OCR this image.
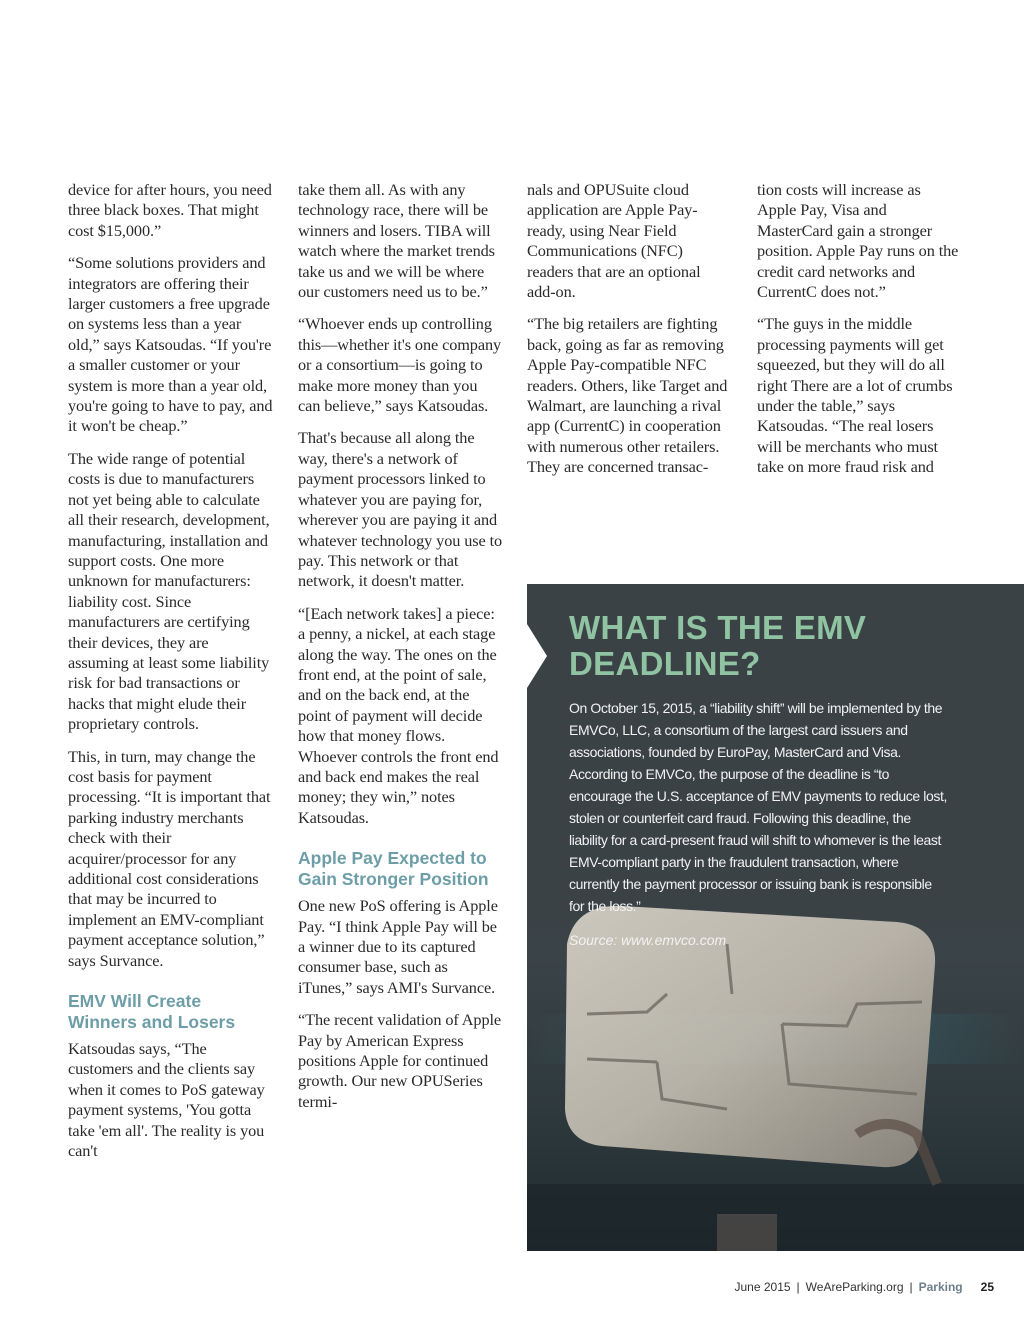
device for after hours, you need three black boxes. That might cost $15,000.”

“Some solutions providers and integrators are offering their larger customers a free upgrade on systems less than a year old,” says Katsoudas. “If you're a smaller customer or your system is more than a year old, you're going to have to pay, and it won't be cheap.”

The wide range of potential costs is due to manufacturers not yet being able to calculate all their research, development, manufacturing, installation and support costs. One more unknown for manufacturers: liability cost. Since manufacturers are certifying their devices, they are assuming at least some liability risk for bad transactions or hacks that might elude their proprietary controls.

This, in turn, may change the cost basis for payment processing. “It is important that parking industry merchants check with their acquirer/processor for any additional cost considerations that may be incurred to implement an EMV-compliant payment acceptance solution,” says Survance.

EMV Will Create Winners and Losers

Katsoudas says, “The customers and the clients say when it comes to PoS gateway payment systems, 'You gotta take 'em all'. The reality is you can't

take them all. As with any technology race, there will be winners and losers. TIBA will watch where the market trends take us and we will be where our customers need us to be.”

“Whoever ends up controlling this—whether it's one company or a consortium—is going to make more money than you can believe,” says Katsoudas.

That's because all along the way, there's a network of payment processors linked to whatever you are paying for, wherever you are paying it and whatever technology you use to pay. This network or that network, it doesn't matter.

“[Each network takes] a piece: a penny, a nickel, at each stage along the way. The ones on the front end, at the point of sale, and on the back end, at the point of payment will decide how that money flows. Whoever controls the front end and back end makes the real money; they win,” notes Katsoudas.

Apple Pay Expected to Gain Stronger Position

One new PoS offering is Apple Pay. “I think Apple Pay will be a winner due to its captured consumer base, such as iTunes,” says AMI's Survance.

“The recent validation of Apple Pay by American Express positions Apple for continued growth. Our new OPUSeries termi-

nals and OPUSuite cloud application are Apple Pay-ready, using Near Field Communications (NFC) readers that are an optional add-on.

“The big retailers are fighting back, going as far as removing Apple Pay-compatible NFC readers. Others, like Target and Walmart, are launching a rival app (CurrentC) in cooperation with numerous other retailers. They are concerned transac-

tion costs will increase as Apple Pay, Visa and MasterCard gain a stronger position. Apple Pay runs on the credit card networks and CurrentC does not.”

“The guys in the middle processing payments will get squeezed, but they will do all right There are a lot of crumbs under the table,” says Katsoudas. “The real losers will be merchants who must take on more fraud risk and

WHAT IS THE EMV DEADLINE?

On October 15, 2015, a “liability shift” will be implemented by the EMVCo, LLC, a consortium of the largest card issuers and associations, founded by EuroPay, MasterCard and Visa. According to EMVCo, the purpose of the deadline is “to encourage the U.S. acceptance of EMV payments to reduce lost, stolen or counterfeit card fraud. Following this deadline, the liability for a card-present fraud will shift to whomever is the least EMV-compliant party in the fraudulent transaction, where currently the payment processor or issuing bank is responsible for the loss.”

Source: www.emvco.com

June 2015 | WeAreParking.org | Parking 25
